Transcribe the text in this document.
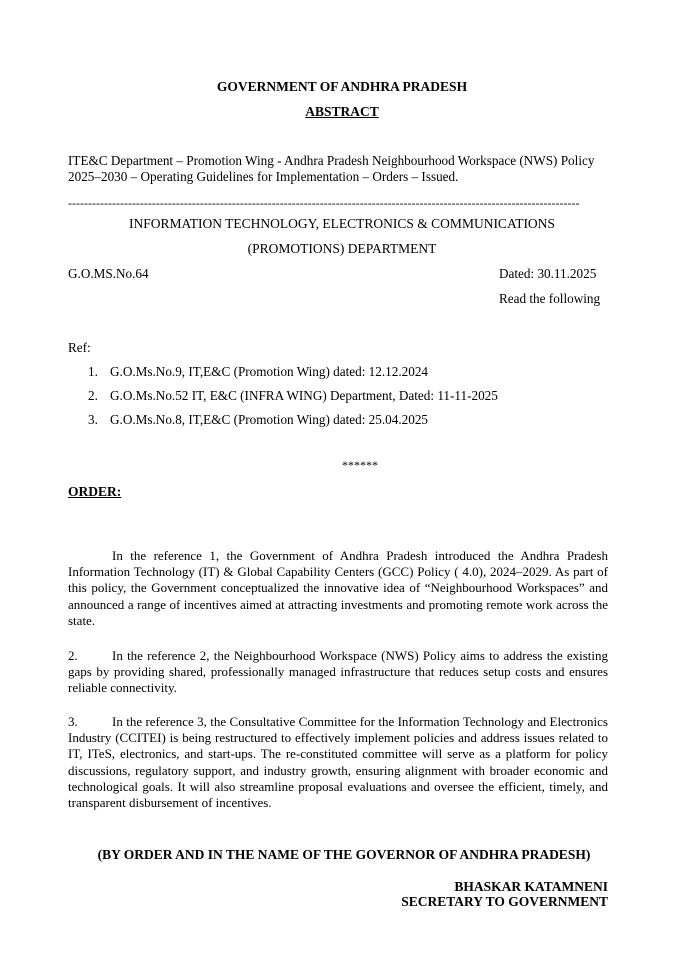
GOVERNMENT OF ANDHRA PRADESH
ABSTRACT
ITE&C Department – Promotion Wing - Andhra Pradesh Neighbourhood Workspace (NWS) Policy 2025–2030 – Operating Guidelines for Implementation – Orders – Issued.
--------------------------------------------------------------------------------------------------------------------------------
INFORMATION TECHNOLOGY, ELECTRONICS & COMMUNICATIONS
(PROMOTIONS) DEPARTMENT
G.O.MS.No.64	Dated: 30.11.2025
Read the following
Ref:
1. G.O.Ms.No.9, IT,E&C (Promotion Wing) dated: 12.12.2024
2. G.O.Ms.No.52 IT, E&C (INFRA WING) Department, Dated: 11-11-2025
3. G.O.Ms.No.8, IT,E&C (Promotion Wing) dated: 25.04.2025
******
ORDER:
In the reference 1, the Government of Andhra Pradesh introduced the Andhra Pradesh Information Technology (IT) & Global Capability Centers (GCC) Policy ( 4.0), 2024–2029. As part of this policy, the Government conceptualized the innovative idea of “Neighbourhood Workspaces” and announced a range of incentives aimed at attracting investments and promoting remote work across the state.
2.	In the reference 2, the Neighbourhood Workspace (NWS) Policy aims to address the existing gaps by providing shared, professionally managed infrastructure that reduces setup costs and ensures reliable connectivity.
3.	In the reference 3, the Consultative Committee for the Information Technology and Electronics Industry (CCITEI) is being restructured to effectively implement policies and address issues related to IT, ITeS, electronics, and start-ups. The re-constituted committee will serve as a platform for policy discussions, regulatory support, and industry growth, ensuring alignment with broader economic and technological goals. It will also streamline proposal evaluations and oversee the efficient, timely, and transparent disbursement of incentives.
(BY ORDER AND IN THE NAME OF THE GOVERNOR OF ANDHRA PRADESH)
BHASKAR KATAMNENI
SECRETARY TO GOVERNMENT
